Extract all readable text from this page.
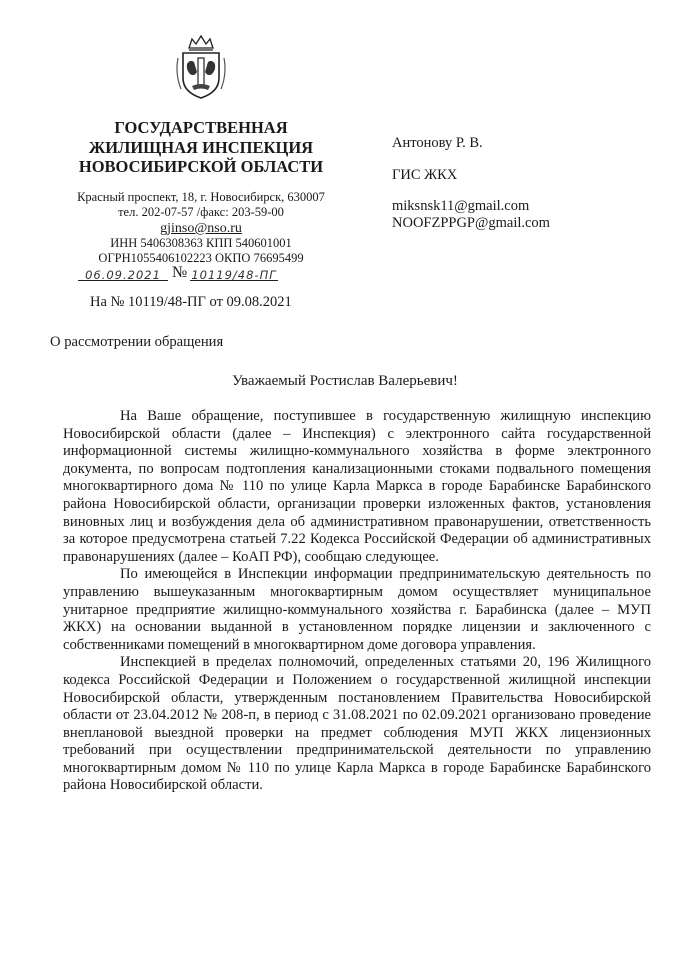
ГОСУДАРСТВЕННАЯ
ЖИЛИЩНАЯ ИНСПЕКЦИЯ
НОВОСИБИРСКОЙ ОБЛАСТИ
Красный проспект, 18, г. Новосибирск, 630007
тел. 202-07-57 /факс: 203-59-00
gjinso@nso.ru
ИНН 5406308363 КПП 540601001
ОГРН1055406102223 ОКПО 76695499
06.09.2021 № 10119/48-ПГ
На № 10119/48-ПГ от 09.08.2021
Антонову Р. В.
ГИС ЖКХ
miksnsk11@gmail.com
NOOFZPPGP@gmail.com
О рассмотрении обращения
Уважаемый Ростислав Валерьевич!

На Ваше обращение, поступившее в государственную жилищную инспекцию Новосибирской области (далее – Инспекция) с электронного сайта государственной информационной системы жилищно-коммунального хозяйства в форме электронного документа, по вопросам подтопления канализационными стоками подвального помещения многоквартирного дома № 110 по улице Карла Маркса в городе Барабинске Барабинского района Новосибирской области, организации проверки изложенных фактов, установления виновных лиц и возбуждения дела об административном правонарушении, ответственность за которое предусмотрена статьей 7.22 Кодекса Российской Федерации об административных правонарушениях (далее – КоАП РФ), сообщаю следующее.

По имеющейся в Инспекции информации предпринимательскую деятельность по управлению вышеуказанным многоквартирным домом осуществляет муниципальное унитарное предприятие жилищно-коммунального хозяйства г. Барабинска (далее – МУП ЖКХ) на основании выданной в установленном порядке лицензии и заключенного с собственниками помещений в многоквартирном доме договора управления.

Инспекцией в пределах полномочий, определенных статьями 20, 196 Жилищного кодекса Российской Федерации и Положением о государственной жилищной инспекции Новосибирской области, утвержденным постановлением Правительства Новосибирской области от 23.04.2012 № 208-п, в период с 31.08.2021 по 02.09.2021 организовано проведение внеплановой выездной проверки на предмет соблюдения МУП ЖКХ лицензионных требований при осуществлении предпринимательской деятельности по управлению многоквартирным домом № 110 по улице Карла Маркса в городе Барабинске Барабинского района Новосибирской области.
